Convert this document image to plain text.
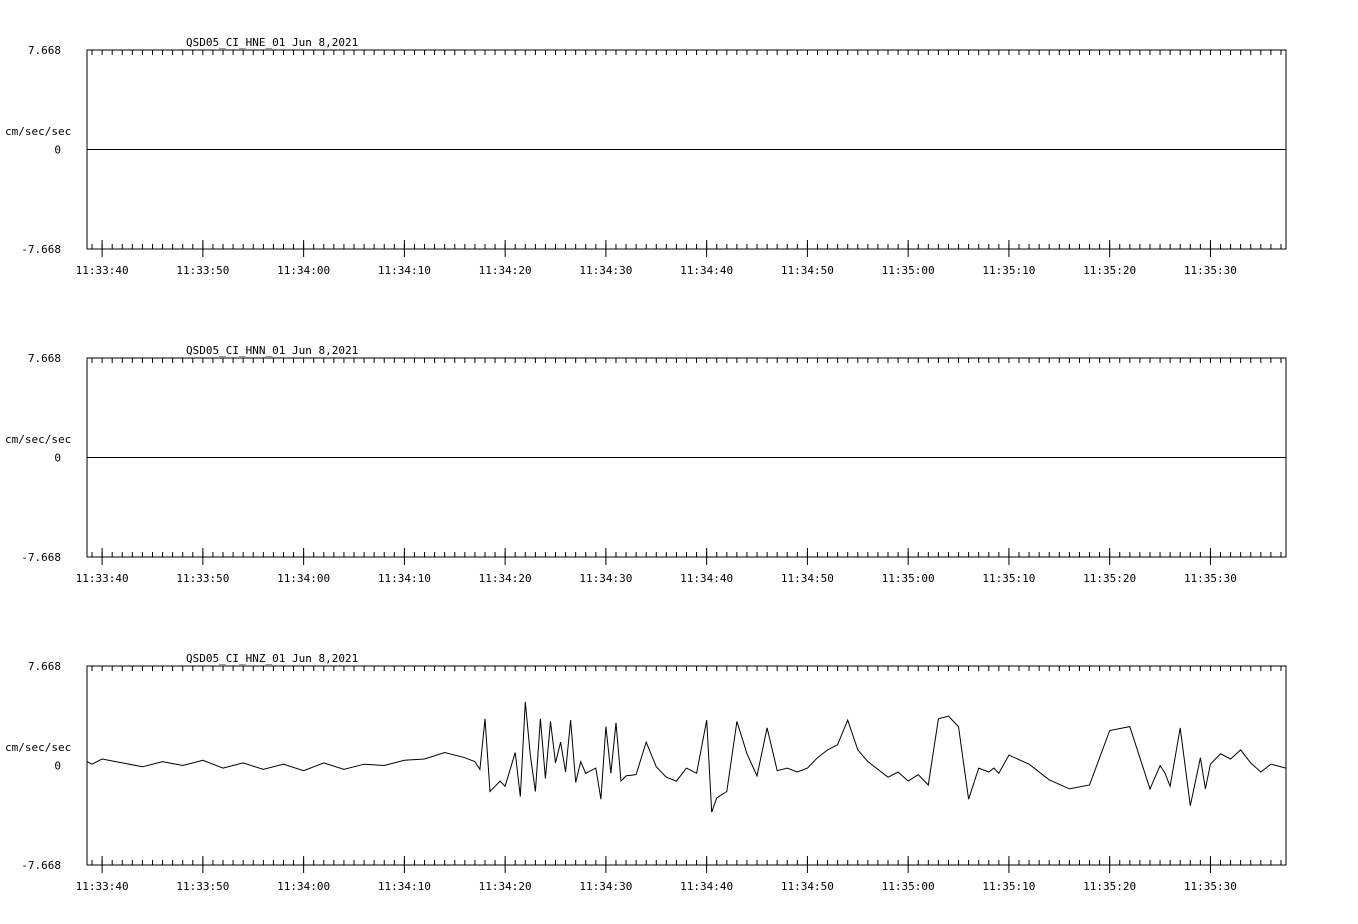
QSD05_CI_HNE_01 Jun 8,2021
7.668
0
-7.668
cm/sec/sec
11:33:40	11:33:50	11:34:00	11:34:10	11:34:20	11:34:30	11:34:40	11:34:50	11:35:00	11:35:10	11:35:20	11:35:30
QSD05_CI_HNN_01 Jun 8,2021
7.668
0
-7.668
cm/sec/sec
11:33:40	11:33:50	11:34:00	11:34:10	11:34:20	11:34:30	11:34:40	11:34:50	11:35:00	11:35:10	11:35:20	11:35:30
QSD05_CI_HNZ_01 Jun 8,2021
7.668
0
-7.668
cm/sec/sec
11:33:40	11:33:50	11:34:00	11:34:10	11:34:20	11:34:30	11:34:40	11:34:50	11:35:00	11:35:10	11:35:20	11:35:30
